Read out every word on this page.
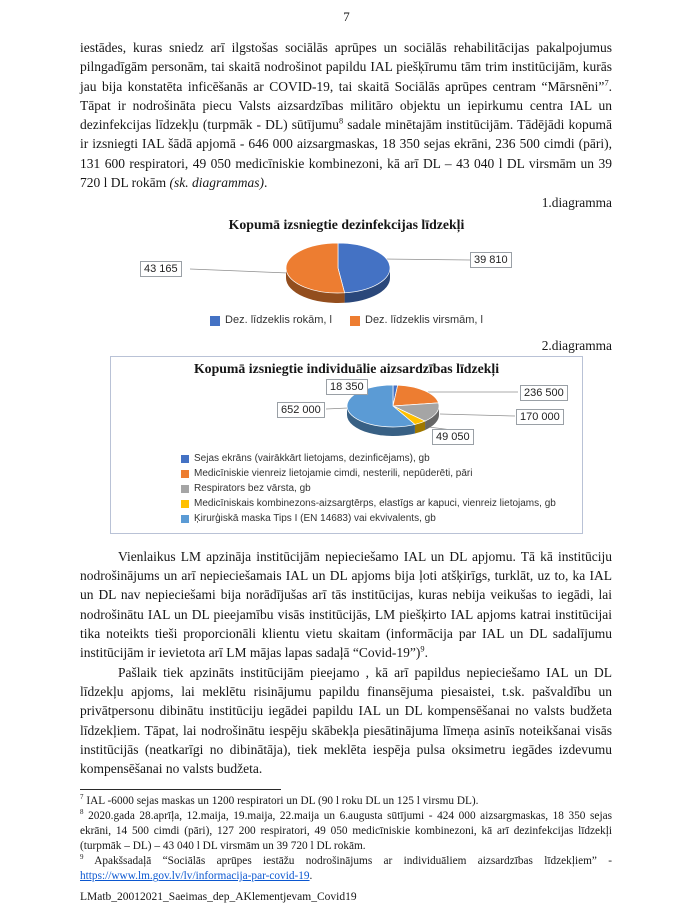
7

iestādes, kuras sniedz arī ilgstošas sociālās aprūpes un sociālās rehabilitācijas pakalpojumus pilngadīgām personām, tai skaitā nodrošinot papildu IAL piešķīrumu tām trim institūcijām, kurās jau bija konstatēta inficēšanās ar COVID-19, tai skaitā Sociālās aprūpes centram “Mārsnēni”$^7$. Tāpat ir nodrošināta piecu Valsts aizsardzības militāro objektu un iepirkumu centra IAL un dezinfekcijas līdzekļu (turpmāk - DL) sūtījumu$^8$ sadale minētajām institūcijām. Tādējādi kopumā ir izsniegti IAL šādā apjomā - 646 000 aizsargmaskas, 18 350 sejas ekrāni, 236 500 cimdi (pāri), 131 600 respiratori, 49 050 medicīniskie kombinezoni, kā arī DL – 43 040 l DL virsmām un 39 720 l DL rokām (sk. diagrammas).

1.diagramma
Kopumā izsniegtie dezinfekcijas līdzekļi
43 165
39 810
Dez. līdzeklis rokām, l	Dez. līdzeklis virsmām, l
2.diagramma
Kopumā izsniegtie individuālie aizsardzības līdzekļi
18 350	236 500
652 000
170 000
49 050
Sejas ekrāns (vairākkārt lietojams, dezinficējams), gb
Medicīniskie vienreiz lietojamie cimdi, nesterili, nepūderēti, pāri
Respirators bez vārsta, gb
Medicīniskais kombinezons-aizsargtērps, elastīgs ar kapuci, vienreiz lietojams, gb
Ķirurģiskā maska Tips I (EN 14683) vai ekvivalents, gb

Vienlaikus LM apzināja institūcijām nepieciešamo IAL un DL apjomu. Tā kā institūciju nodrošinājums un arī nepieciešamais IAL un DL apjoms bija ļoti atšķirīgs, turklāt, uz to, ka IAL un DL nav nepieciešami bija norādījušas arī tās institūcijas, kuras nebija veikušas to iegādi, lai nodrošinātu IAL un DL pieejamību visās institūcijās, LM piešķirto IAL apjoms katrai institūcijai tika noteikts tieši proporcionāli klientu vietu skaitam (informācija par IAL un DL sadalījumu institūcijām ir ievietota arī LM mājas lapas sadaļā “Covid-19”)$^9$.

Pašlaik tiek apzināts institūcijām pieejamo , kā arī papildus nepieciešamo IAL un DL līdzekļu apjoms, lai meklētu risinājumu papildu finansējuma piesaistei, t.sk. pašvaldību un privātpersonu dibinātu institūciju iegādei papildu IAL un DL kompensēšanai no valsts budžeta līdzekļiem. Tāpat, lai nodrošinātu iespēju skābekļa piesātinājuma līmeņa asinīs noteikšanai visās institūcijās (neatkarīgi no dibinātāja), tiek meklēta iespēja pulsa oksimetru iegādes izdevumu kompensēšanai no valsts budžeta.

$^7$ IAL -6000 sejas maskas un 1200 respiratori un DL (90 l roku DL un 125 l virsmu DL).
$^8$ 2020.gada 28.aprīļa, 12.maija, 19.maija, 22.maija un 6.augusta sūtījumi - 424 000 aizsargmaskas, 18 350 sejas ekrāni, 14 500 cimdi (pāri), 127 200 respiratori, 49 050 medicīniskie kombinezoni, kā arī dezinfekcijas līdzekļi (turpmāk – DL) – 43 040 l DL virsmām un 39 720 l DL rokām.
$^9$ Apakšsadaļā “Sociālās aprūpes iestāžu nodrošinājums ar individuāliem aizsardzības līdzekļiem” - https://www.lm.gov.lv/lv/informacija-par-covid-19.
LMatb_20012021_Saeimas_dep_AKlementjevam_Covid19
